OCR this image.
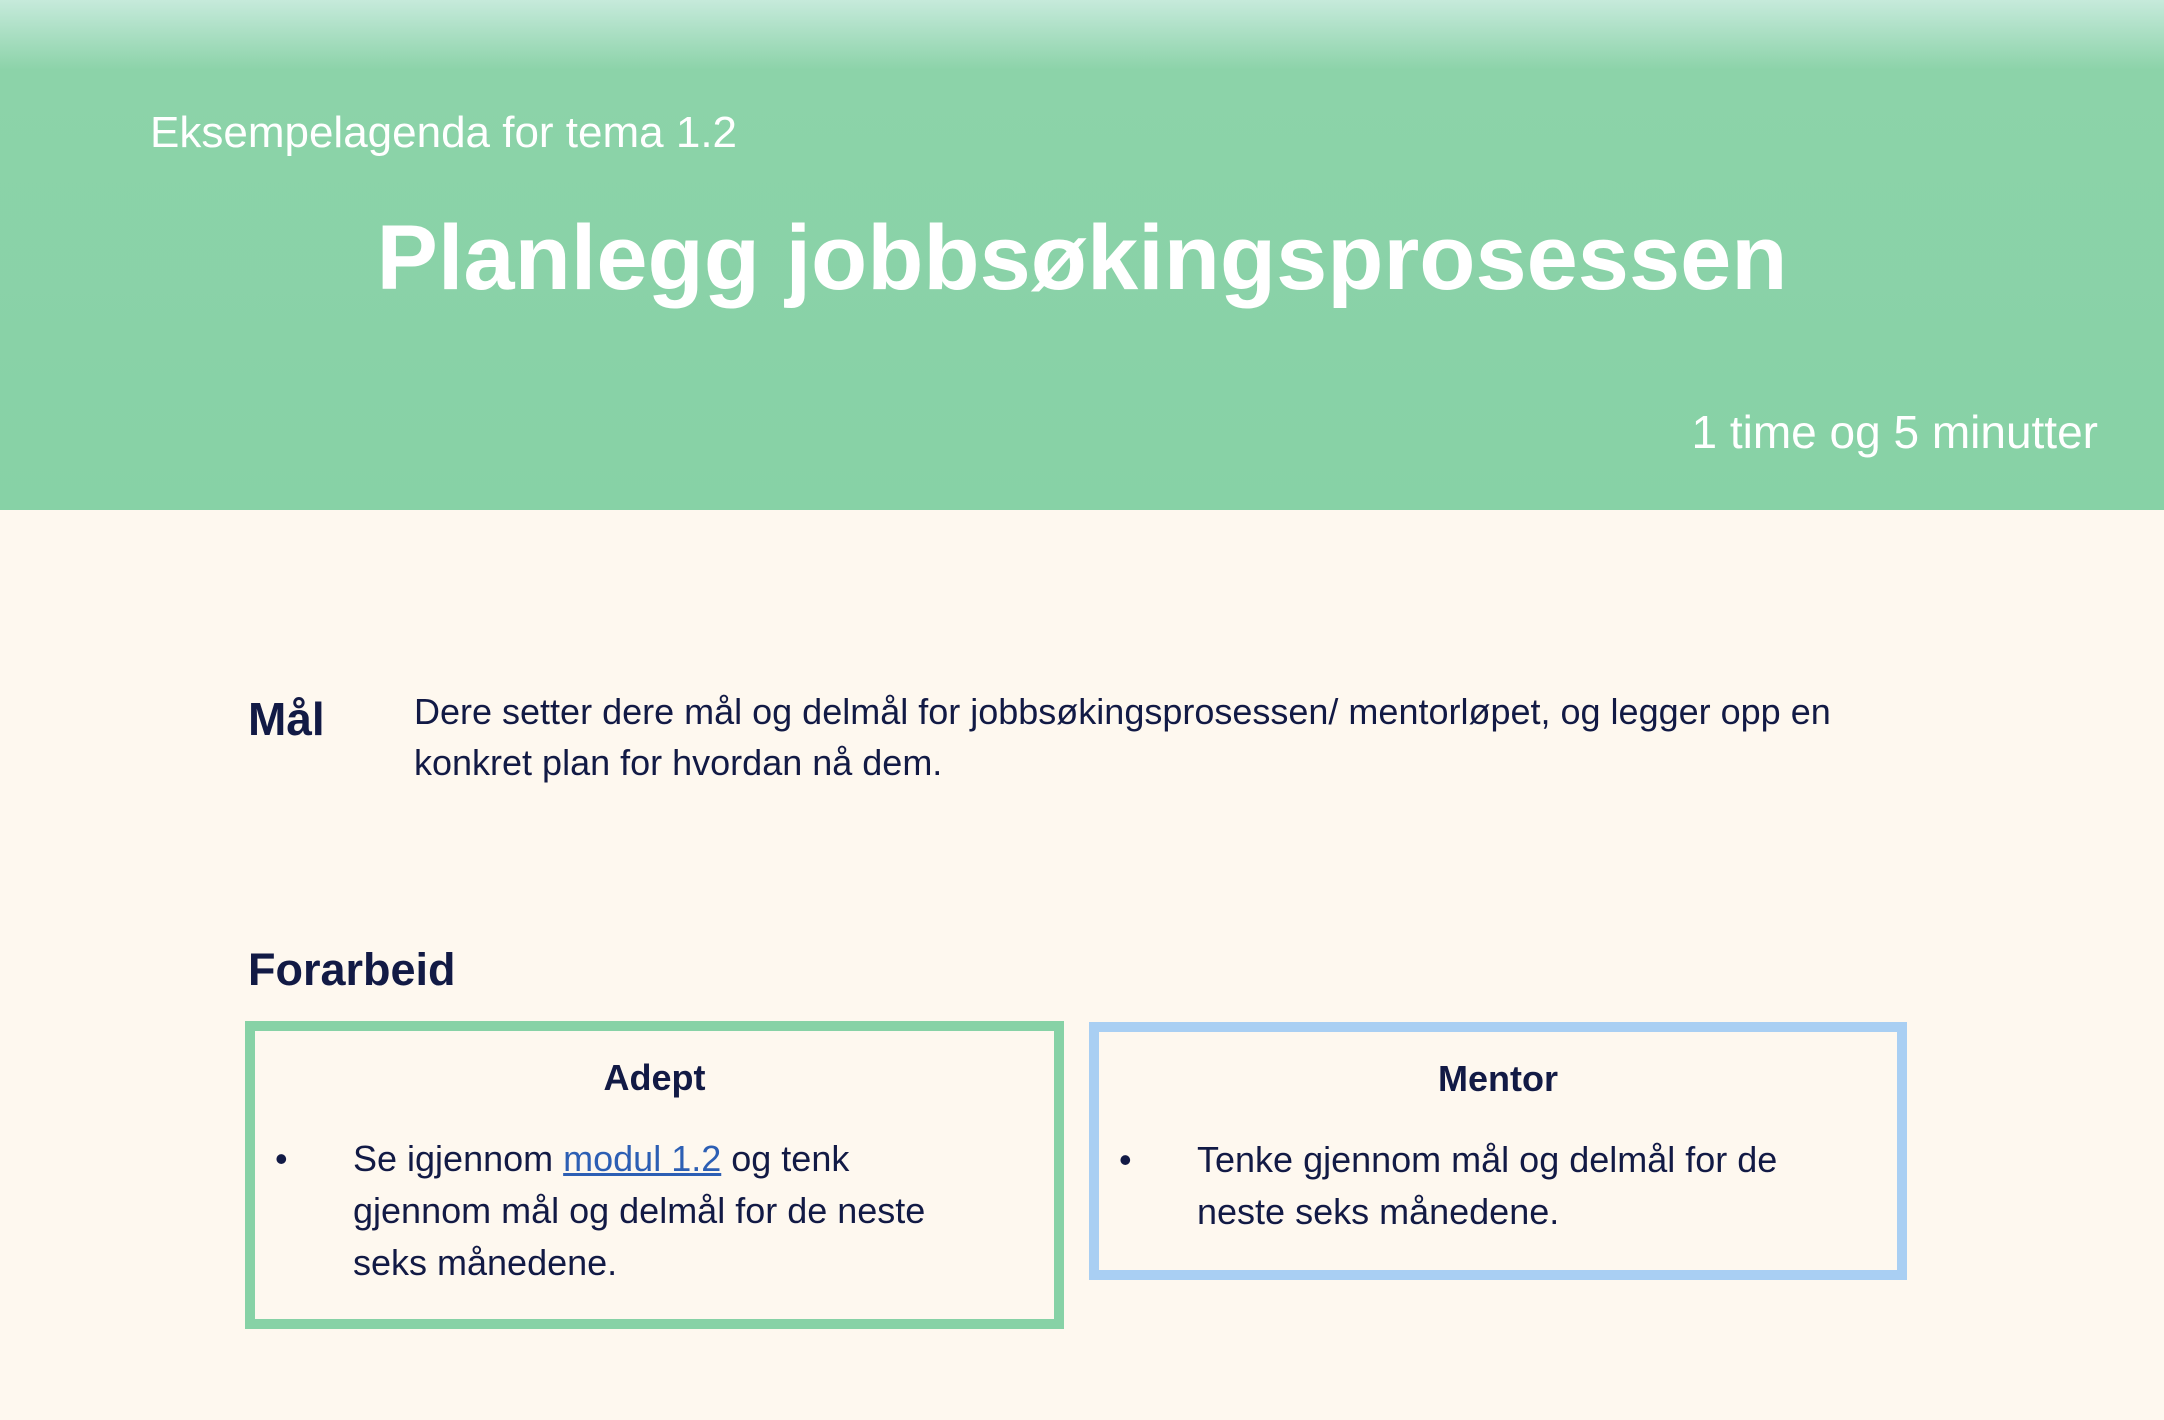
Eksempelagenda for tema 1.2
Planlegg jobbsøkingsprosessen
1 time og 5 minutter
Mål Dere setter dere mål og delmål for jobbsøkingsprosessen/ mentorløpet, og legger opp en konkret plan for hvordan nå dem.
Forarbeid
Adept
• Se igjennom modul 1.2 og tenk gjennom mål og delmål for de neste seks månedene.
Mentor
• Tenke gjennom mål og delmål for de neste seks månedene.
